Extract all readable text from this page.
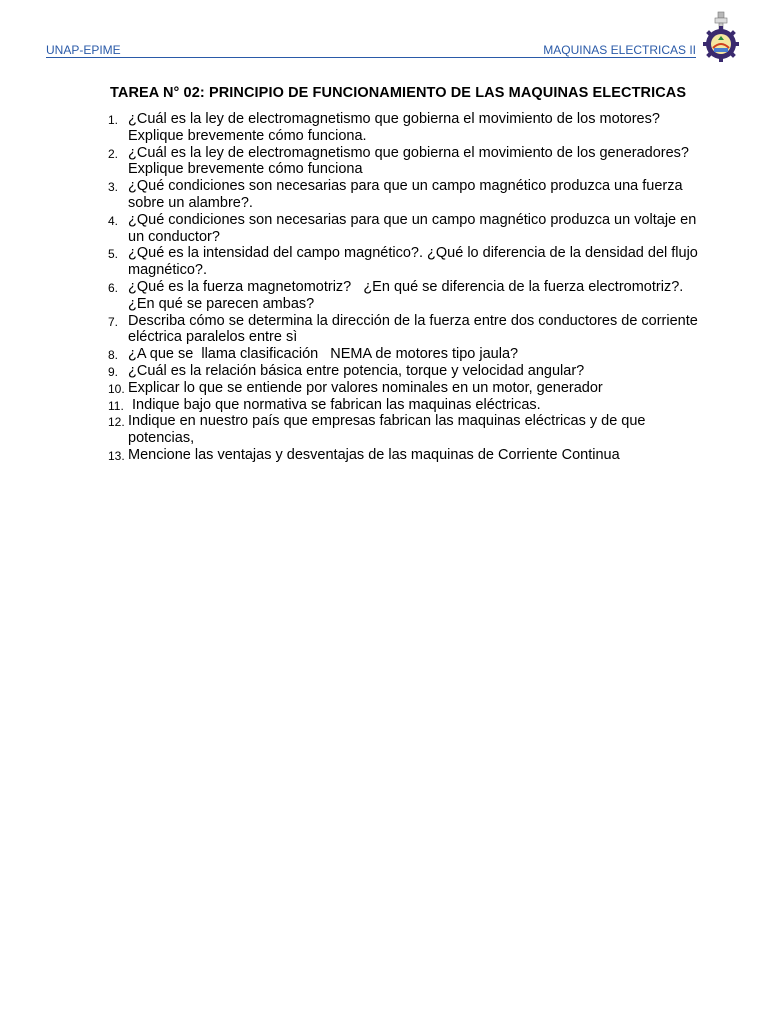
UNAP-EPIME	MAQUINAS ELECTRICAS II
TAREA N° 02: PRINCIPIO DE FUNCIONAMIENTO DE LAS MAQUINAS ELECTRICAS
1. ¿Cuál es la ley de electromagnetismo que gobierna el movimiento de los motores? Explique brevemente cómo funciona.
2. ¿Cuál es la ley de electromagnetismo que gobierna el movimiento de los generadores? Explique brevemente cómo funciona
3. ¿Qué condiciones son necesarias para que un campo magnético produzca una fuerza sobre un alambre?.
4. ¿Qué condiciones son necesarias para que un campo magnético produzca un voltaje en un conductor?
5. ¿Qué es la intensidad del campo magnético?. ¿Qué lo diferencia de la densidad del flujo magnético?.
6. ¿Qué es la fuerza magnetomotriz?   ¿En qué se diferencia de la fuerza electromotriz?. ¿En qué se parecen ambas?
7. Describa cómo se determina la dirección de la fuerza entre dos conductores de corriente eléctrica paralelos entre sì
8. ¿A que se  llama clasificación   NEMA de motores tipo jaula?
9. ¿Cuál es la relación básica entre potencia, torque y velocidad angular?
10. Explicar lo que se entiende por valores nominales en un motor, generador
11. Indique bajo que normativa se fabrican las maquinas eléctricas.
12. Indique en nuestro país que empresas fabrican las maquinas eléctricas y de que potencias,
13. Mencione las ventajas y desventajas de las maquinas de Corriente Continua
